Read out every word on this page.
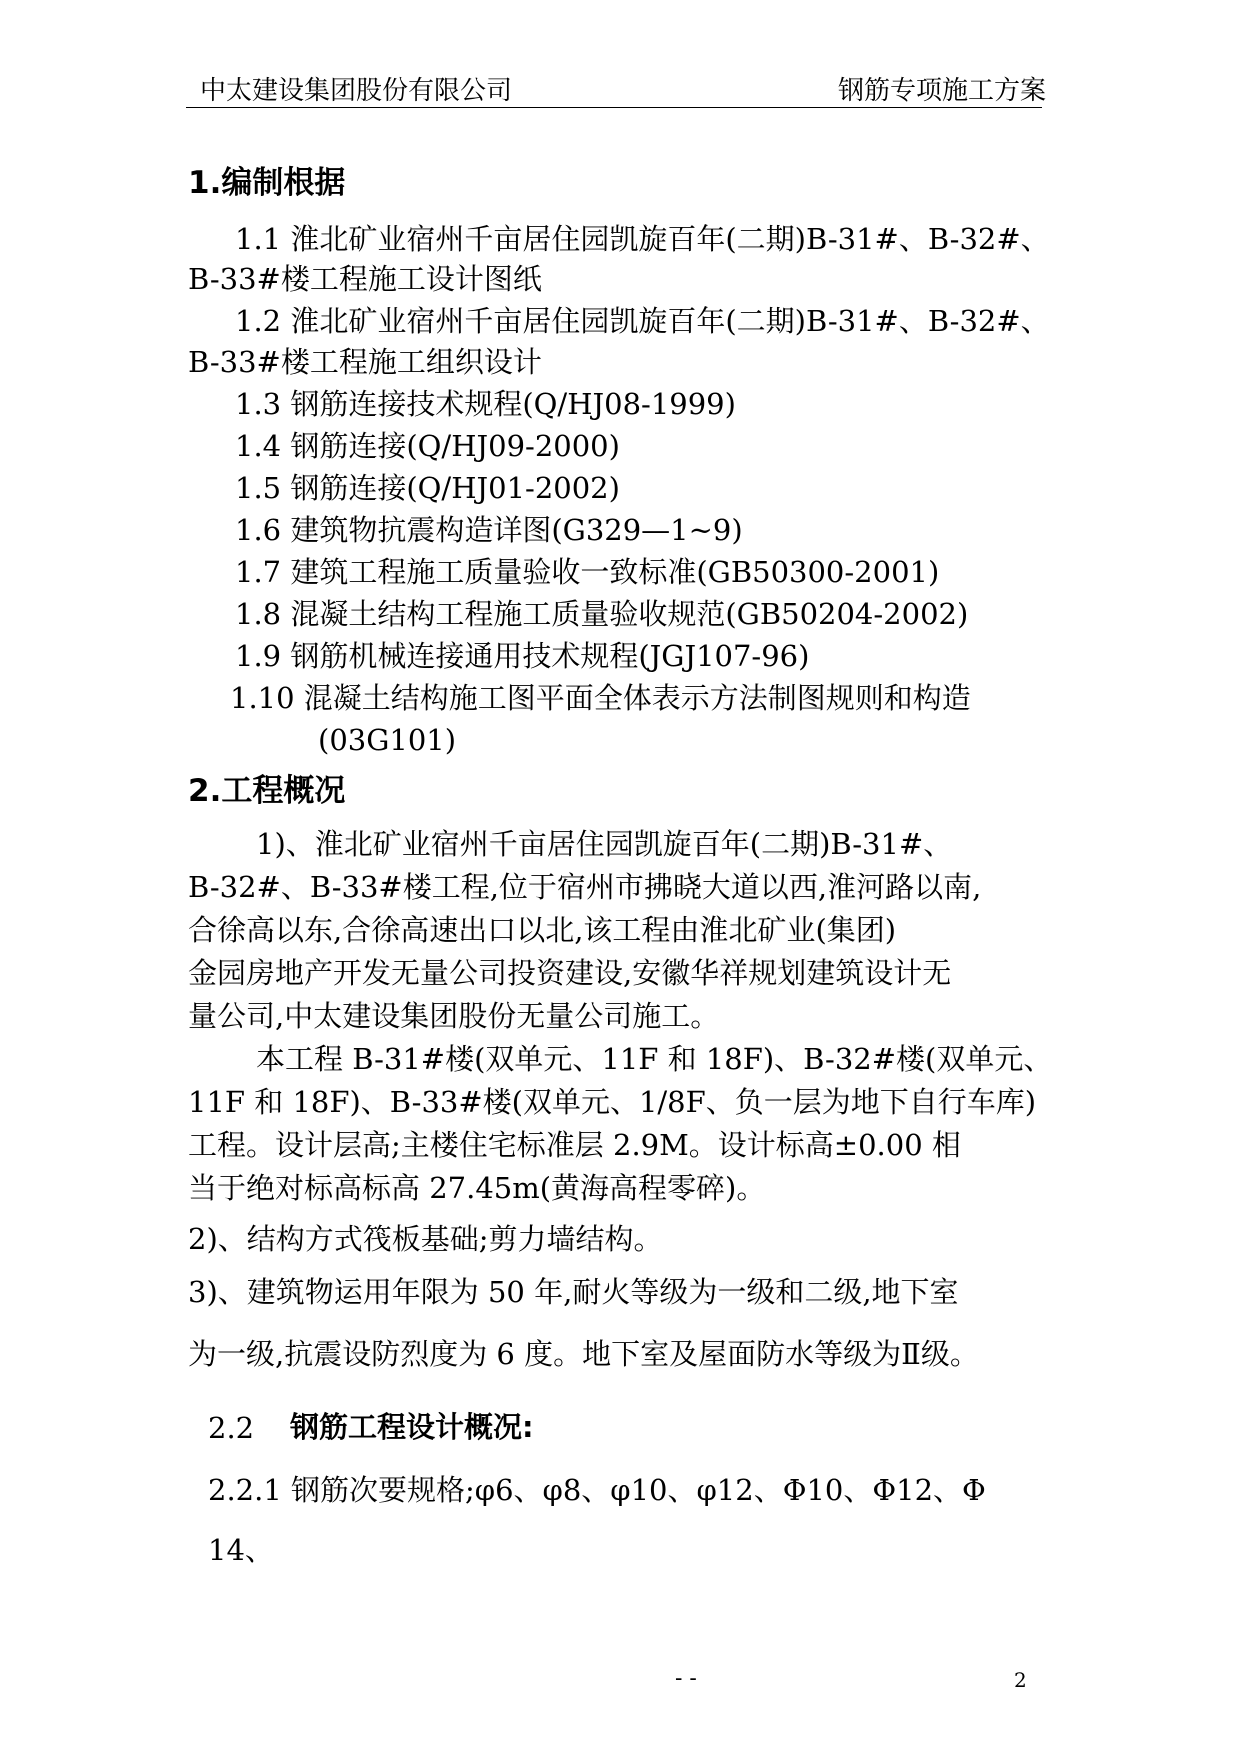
中太建设集团股份有限公司	钢筋专项施工方案
1.编制根据
1.1 淮北矿业宿州千亩居住园凯旋百年(二期)B-31#、B-32#、
B-33#楼工程施工设计图纸
1.2 淮北矿业宿州千亩居住园凯旋百年(二期)B-31#、B-32#、
B-33#楼工程施工组织设计
1.3 钢筋连接技术规程(Q/HJ08-1999)
1.4 钢筋连接(Q/HJ09-2000)
1.5 钢筋连接(Q/HJ01-2002)
1.6 建筑物抗震构造详图(G329—1~9)
1.7 建筑工程施工质量验收一致标准(GB50300-2001)
1.8 混凝土结构工程施工质量验收规范(GB50204-2002)
1.9 钢筋机械连接通用技术规程(JGJ107-96)
1.10 混凝土结构施工图平面全体表示方法制图规则和构造
(03G101)
2.工程概况
1)、淮北矿业宿州千亩居住园凯旋百年(二期)B-31#、
B-32#、B-33#楼工程,位于宿州市拂晓大道以西,淮河路以南,
合徐高以东,合徐高速出口以北,该工程由淮北矿业(集团)
金园房地产开发无量公司投资建设,安徽华祥规划建筑设计无
量公司,中太建设集团股份无量公司施工。
本工程 B-31#楼(双单元、11F 和 18F)、B-32#楼(双单元、
11F 和 18F)、B-33#楼(双单元、1/8F、负一层为地下自行车库)
工程。设计层高;主楼住宅标准层 2.9M。设计标高±0.00 相
当于绝对标高标高 27.45m(黄海高程零碎)。
2)、结构方式筏板基础;剪力墙结构。
3)、建筑物运用年限为 50 年,耐火等级为一级和二级,地下室
为一级,抗震设防烈度为 6 度。地下室及屋面防水等级为Ⅱ级。
2.2 钢筋工程设计概况:
2.2.1 钢筋次要规格;φ6、φ8、φ10、φ12、Φ10、Φ12、Φ
14、
- -	2
